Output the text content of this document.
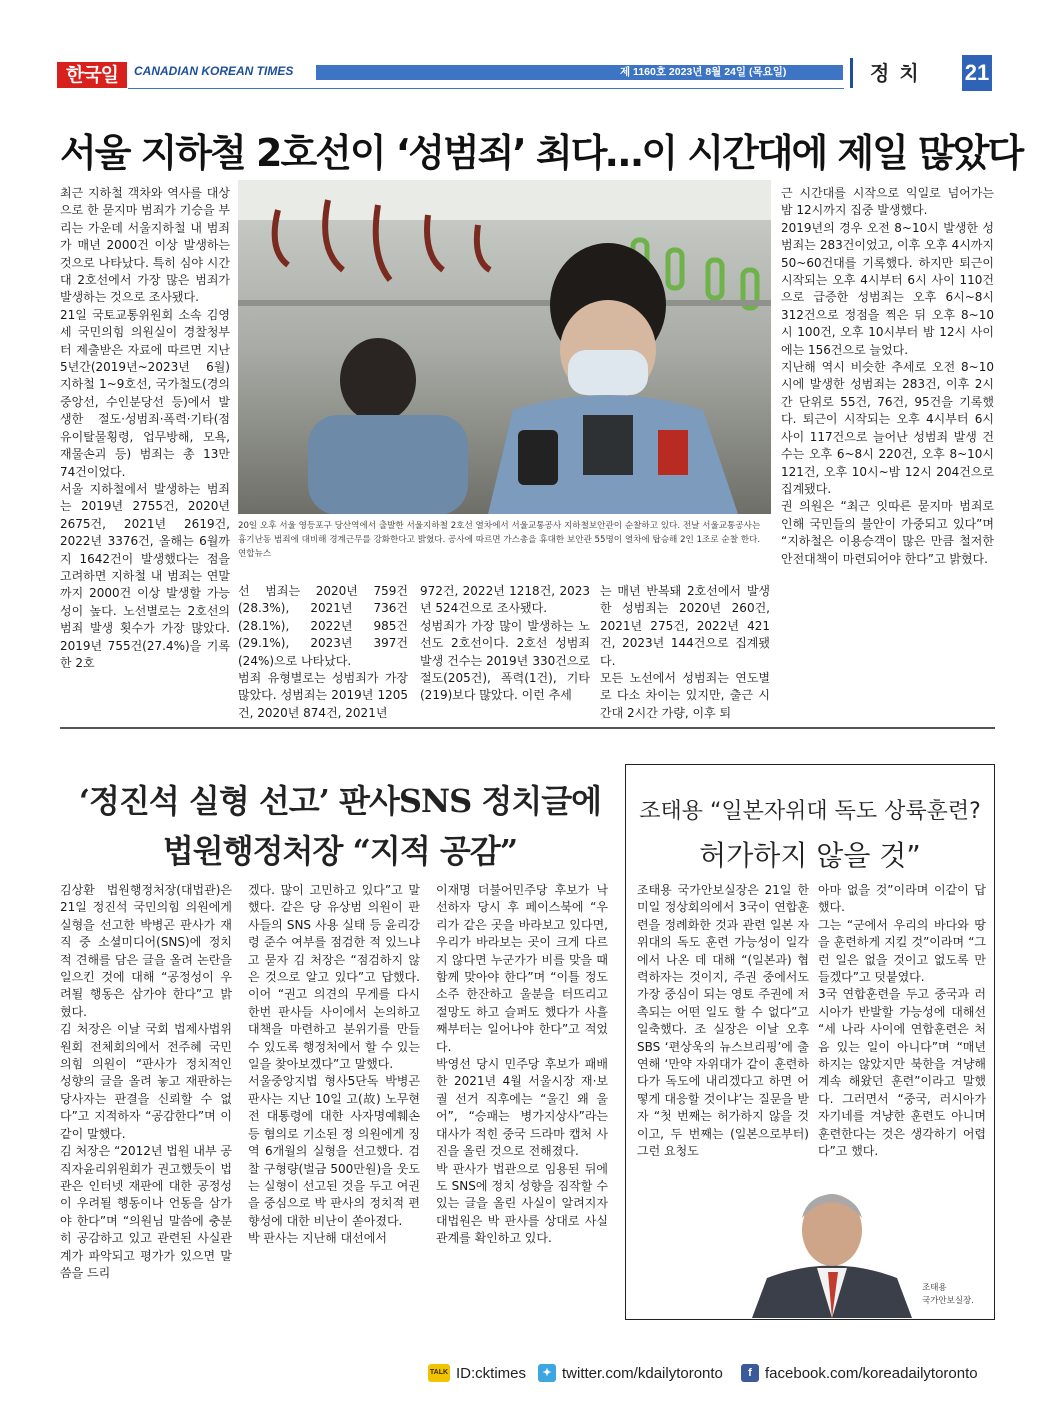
한국일	CANADIAN KOREAN TIMES	제 1160호 2023년 8월 24일 (목요일)	정치 21
서울 지하철 2호선이 ‘성범죄’ 최다…이 시간대에 제일 많았다
최근 지하철 객차와 역사를 대상으로 한 묻지마 범죄가 기승을 부리는 가운데 서울지하철 내 범죄가 매년 2000건 이상 발생하는 것으로 나타났다. 특히 심야 시간대 2호선에서 가장 많은 범죄가 발생하는 것으로 조사됐다.
21일 국토교통위원회 소속 김영세 국민의힘 의원실이 경찰청부터 제출받은 자료에 따르면 지난 5년간(2019년~2023년 6월) 지하철 1~9호선, 국가철도(경의중앙선, 수인분당선 등)에서 발생한 절도·성범죄·폭력·기타(점유이탈물횡령, 업무방해, 모욕, 재물손괴 등) 범죄는 총 13만 74건이었다.
서울 지하철에서 발생하는 범죄는 2019년 2755건, 2020년 2675건, 2021년 2619건, 2022년 3376건, 올해는 6월까지 1642건이 발생했다는 점을 고려하면 지하철 내 범죄는 연말까지 2000건 이상 발생할 가능성이 높다. 노선별로는 2호선의 범죄 발생 횟수가 가장 많았다. 2019년 755건(27.4%)을 기록한 2호
20일 오후 서울 영등포구 당산역에서 출발한 서울지하철 2호선 열차에서 서울교통공사 지하철보안관이 순찰하고 있다. 전날 서울교통공사는 흉기난동 범죄에 대비해 경계근무를 강화한다고 밝혔다. 공사에 따르면 가스총을 휴대한 보안관 55명이 열차에 탑승해 2인 1조로 순찰 한다. 연합뉴스
선 범죄는 2020년 759건(28.3%), 2021년 736건(28.1%), 2022년 985건(29.1%), 2023년 397건(24%)으로 나타났다.
범죄 유형별로는 성범죄가 가장 많았다. 성범죄는 2019년 1205건, 2020년 874건, 2021년
972건, 2022년 1218건, 2023년 524건으로 조사됐다.
성범죄가 가장 많이 발생하는 노선도 2호선이다. 2호선 성범죄 발생 건수는 2019년 330건으로 절도(205건), 폭력(1건), 기타(219)보다 많았다. 이런 추세
는 매년 반복돼 2호선에서 발생한 성범죄는 2020년 260건, 2021년 275건, 2022년 421건, 2023년 144건으로 집계됐다.
모든 노선에서 성범죄는 연도별로 다소 차이는 있지만, 출근 시간대 2시간 가량, 이후 퇴
근 시간대를 시작으로 익일로 넘어가는 밤 12시까지 집중 발생했다.
2019년의 경우 오전 8~10시 발생한 성범죄는 283건이었고, 이후 오후 4시까지 50~60건대를 기록했다. 하지만 퇴근이 시작되는 오후 4시부터 6시 사이 110건으로 급증한 성범죄는 오후 6시~8시 312건으로 정점을 찍은 뒤 오후 8~10시 100건, 오후 10시부터 밤 12시 사이에는 156건으로 늘었다.
지난해 역시 비슷한 추세로 오전 8~10시에 발생한 성범죄는 283건, 이후 2시간 단위로 55건, 76건, 95건을 기록했다. 퇴근이 시작되는 오후 4시부터 6시 사이 117건으로 늘어난 성범죄 발생 건수는 오후 6~8시 220건, 오후 8~10시 121건, 오후 10시~밤 12시 204건으로 집계됐다.
권 의원은 “최근 잇따른 묻지마 범죄로 인해 국민들의 불안이 가중되고 있다”며 “지하철은 이용승객이 많은 만큼 철저한 안전대책이 마련되어야 한다”고 밝혔다.
‘정진석 실형 선고’ 판사SNS 정치글에
법원행정처장 “지적 공감”
김상환 법원행정처장(대법관)은 21일 정진석 국민의힘 의원에게 실형을 선고한 박병곤 판사가 재직 중 소셜미디어(SNS)에 정치적 견해를 담은 글을 올려 논란을 일으킨 것에 대해 “공정성이 우려될 행동은 삼가야 한다”고 밝혔다.
김 처장은 이날 국회 법제사법위원회 전체회의에서 전주혜 국민의힘 의원이 “판사가 정치적인 성향의 글을 올려 놓고 재판하는 당사자는 판결을 신뢰할 수 없다”고 지적하자 “공감한다”며 이같이 말했다.
김 처장은 “2012년 법원 내부 공직자윤리위원회가 권고했듯이 법관은 인터넷 재판에 대한 공정성이 우려될 행동이나 언동을 삼가야 한다”며 “의원님 말씀에 충분히 공감하고 있고 관련된 사실관계가 파악되고 평가가 있으면 말씀을 드리
겠다. 많이 고민하고 있다”고 말했다. 같은 당 유상범 의원이 판사들의 SNS 사용 실태 등 윤리강령 준수 여부를 점검한 적 있느냐고 묻자 김 처장은 “점검하지 않은 것으로 알고 있다”고 답했다. 이어 “권고 의견의 무게를 다시 한번 판사들 사이에서 논의하고 대책을 마련하고 분위기를 만들 수 있도록 행정처에서 할 수 있는 일을 찾아보겠다”고 말했다.
서울중앙지법 형사5단독 박병곤 판사는 지난 10일 고(故) 노무현 전 대통령에 대한 사자명예훼손 등 혐의로 기소된 정 의원에게 징역 6개월의 실형을 선고했다. 검찰 구형량(벌금 500만원)을 웃도는 실형이 선고된 것을 두고 여권을 중심으로 박 판사의 정치적 편향성에 대한 비난이 쏟아졌다.
박 판사는 지난해 대선에서
이재명 더불어민주당 후보가 낙선하자 당시 후 페이스북에 “우리가 같은 곳을 바라보고 있다면, 우리가 바라보는 곳이 크게 다르지 않다면 누군가가 비를 맞을 때 함께 맞아야 한다”며 “이틀 정도 소주 한잔하고 울분을 터뜨리고 절망도 하고 슬퍼도 했다가 사흘째부터는 일어나야 한다”고 적었다.
박영선 당시 민주당 후보가 패배한 2021년 4월 서울시장 재·보궐 선거 직후에는 “울긴 왜 울어”, “승패는 병가지상사”라는 대사가 적힌 중국 드라마 캡처 사진을 올린 것으로 전해졌다.
박 판사가 법관으로 임용된 뒤에도 SNS에 정치 성향을 짐작할 수 있는 글을 올린 사실이 알려지자 대법원은 박 판사를 상대로 사실관계를 확인하고 있다.
조태용 “일본자위대 독도 상륙훈련?
허가하지 않을 것”
조태용 국가안보실장은 21일 한미일 정상회의에서 3국이 연합훈련을 정례화한 것과 관련 일본 자위대의 독도 훈련 가능성이 일각에서 나온 데 대해 “(일본과) 협력하자는 것이지, 주권 중에서도 가장 중심이 되는 영토 주권에 저촉되는 어떤 일도 할 수 없다”고 일축했다. 조 실장은 이날 오후 SBS ‘편상욱의 뉴스브리핑’에 출연해 ‘만약 자위대가 같이 훈련하다가 독도에 내리겠다고 하면 어떻게 대응할 것이냐’는 질문을 받자 “첫 번째는 허가하지 않을 것이고, 두 번째는 (일본으로부터) 그런 요청도
아마 없을 것”이라며 이같이 답했다.
그는 “군에서 우리의 바다와 땅을 훈련하게 지킬 것”이라며 “그런 일은 없을 것이고 없도록 만들겠다”고 덧붙였다.
3국 연합훈련을 두고 중국과 러시아가 반발할 가능성에 대해선 “세 나라 사이에 연합훈련은 처음 있는 일이 아니다”며 “매년 하지는 않았지만 북한을 겨냥해 계속 해왔던 훈련”이라고 말했다. 그러면서 “중국, 러시아가 자기네를 겨냥한 훈련도 아니며 훈련한다는 것은 생각하기 어렵다”고 했다.
조태용
국가안보실장.
TALK ID:cktimes	✦ twitter.com/kdailytoronto	f facebook.com/koreadailytoronto
